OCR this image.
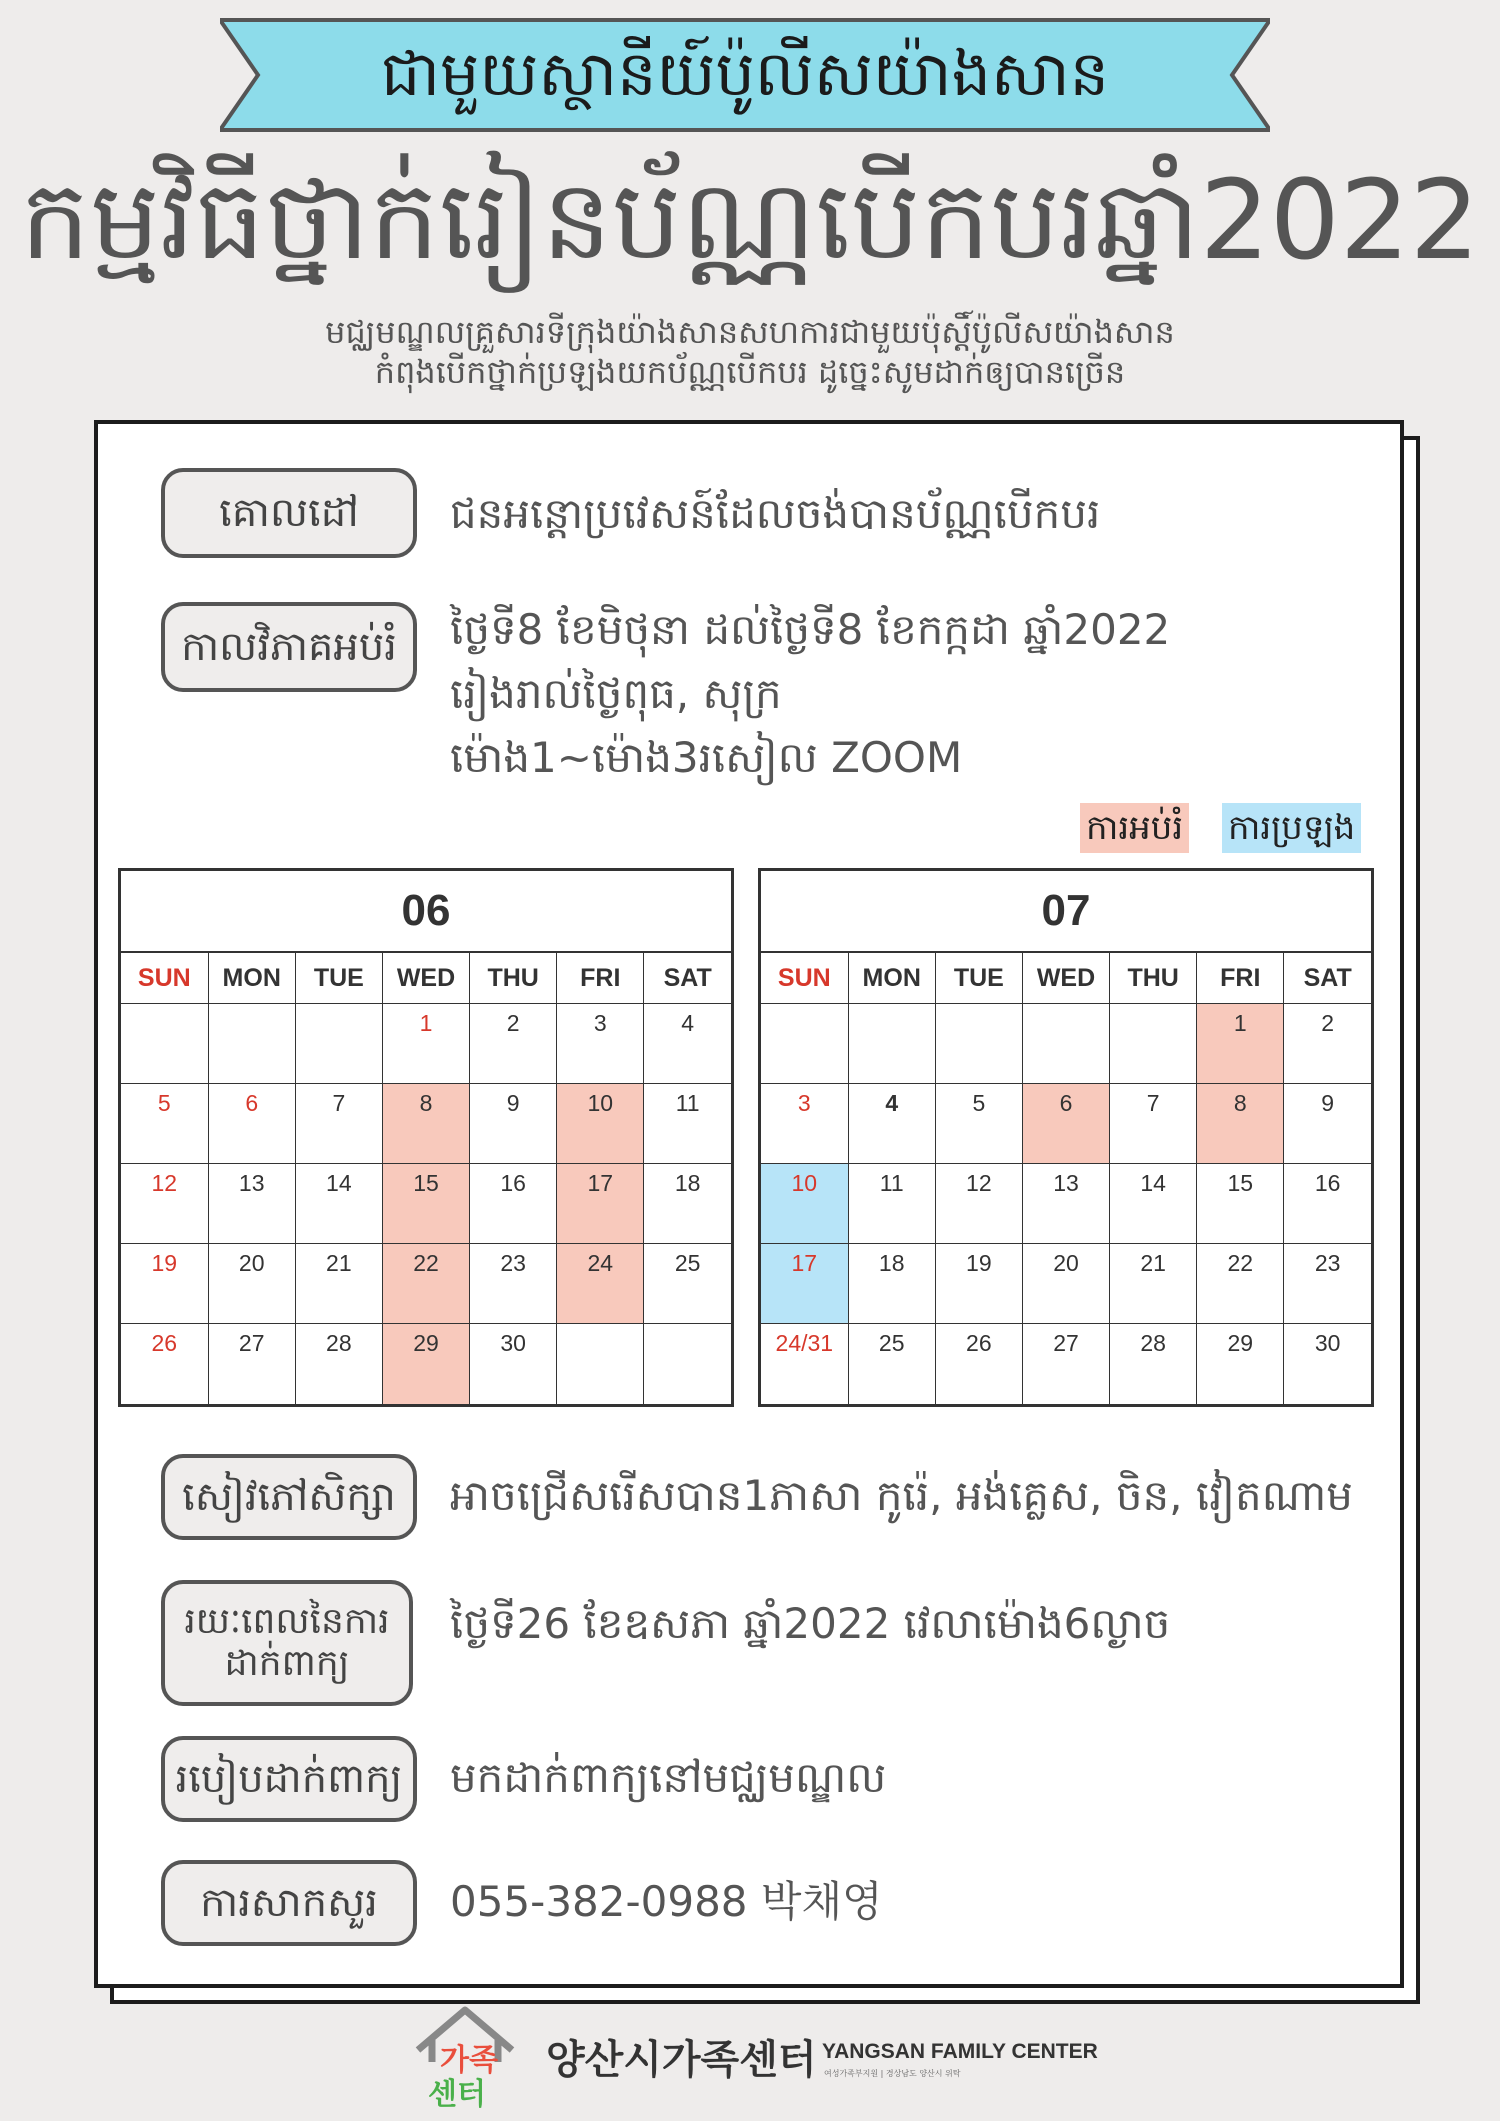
ជាមួយស្ថានីយ៍ប៉ូលីសយ៉ាងសាន
កម្មវិធីថ្នាក់រៀនប័ណ្ណបើកបរឆ្នាំ2022
មជ្ឈមណ្ឌលគ្រួសារទីក្រុងយ៉ាងសានសហការជាមួយប៉ុស្តិ៍ប៉ូលីសយ៉ាងសាន
កំពុងបើកថ្នាក់ប្រឡងយកប័ណ្ណបើកបរ ដូច្នេះសូមដាក់ឲ្យបានច្រើន
គោលដៅ	ជនអន្តោប្រវេសន៍ដែលចង់បានប័ណ្ណបើកបរ
កាលវិភាគអប់រំ	ថ្ងៃទី8 ខែមិថុនា ដល់ថ្ងៃទី8 ខែកក្កដា ឆ្នាំ2022
រៀងរាល់ថ្ងៃពុធ, សុក្រ
ម៉ោង1~ម៉ោង3រសៀល ZOOM
ការអប់រំ ការប្រឡង
06
SUN	MON	TUE	WED	THU	FRI	SAT
			1	2	3	4
5	6	7	8	9	10	11
12	13	14	15	16	17	18
19	20	21	22	23	24	25
26	27	28	29	30		
07
SUN	MON	TUE	WED	THU	FRI	SAT
					1	2
3	4	5	6	7	8	9
10	11	12	13	14	15	16
17	18	19	20	21	22	23
24/31	25	26	27	28	29	30
សៀវភៅសិក្សា	អាចជ្រើសរើសបាន1ភាសា កូរ៉េ, អង់គ្លេស, ចិន, វៀតណាម
រយៈពេលនៃការដាក់ពាក្យ
ថ្ងៃទី26 ខែឧសភា ឆ្នាំ2022 វេលាម៉ោង6ល្ងាច
របៀបដាក់ពាក្យ	មកដាក់ពាក្យនៅមជ្ឈមណ្ឌល
ការសាកសួរ	055-382-0988 박채영
가족
센터
양산시가족센터 YANGSAN FAMILY CENTER
여성가족부지원 | 경상남도 양산시 위탁
